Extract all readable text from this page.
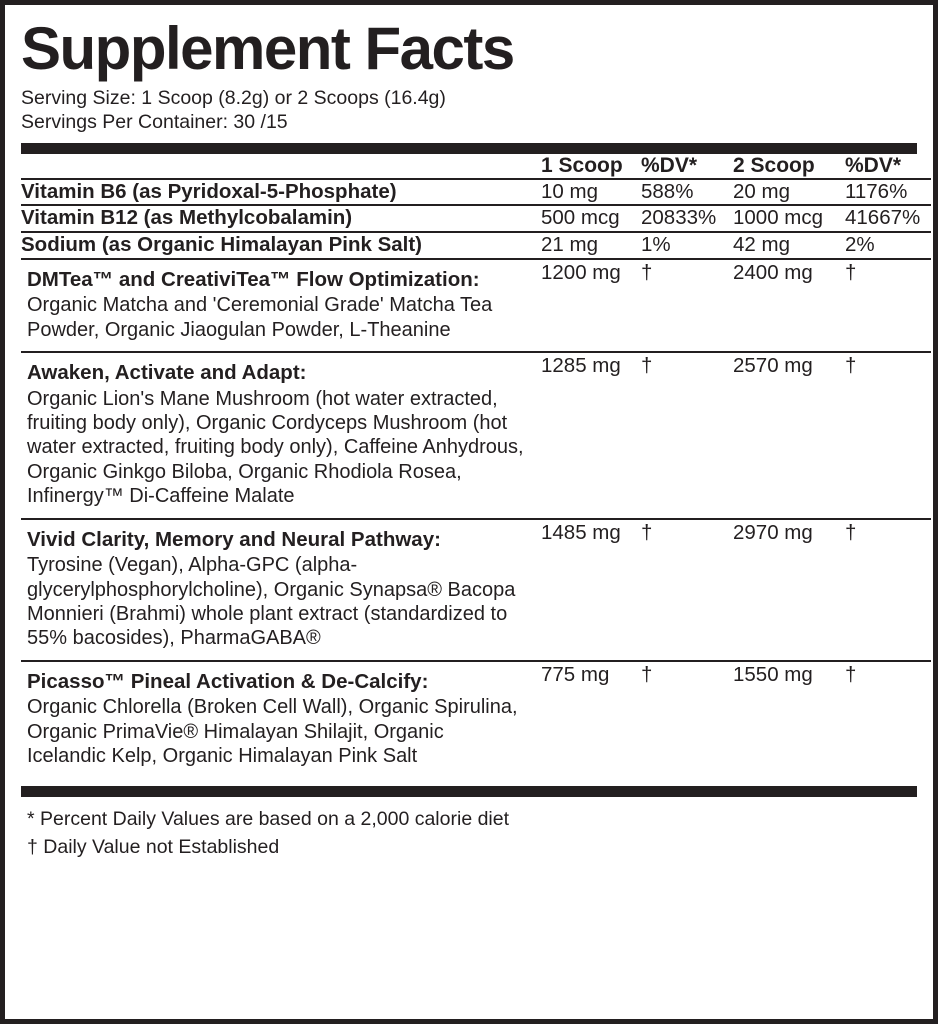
Supplement Facts
Serving Size: 1 Scoop (8.2g) or 2 Scoops (16.4g)
Servings Per Container: 30 /15
	1 Scoop	%DV*	2 Scoop	%DV*

Vitamin B6 (as Pyridoxal-5-Phosphate)	10 mg	588%	20 mg	1176%

Vitamin B12 (as Methylcobalamin)	500 mcg	20833%	1000 mcg	41667%

Sodium (as Organic Himalayan Pink Salt)	21 mg	1%	42 mg	2%

DMTea™ and CreativiTea™ Flow Optimization:
Organic Matcha and 'Ceremonial Grade' Matcha Tea Powder, Organic Jiaogulan Powder, L-Theanine	1200 mg	†	2400 mg	†

Awaken, Activate and Adapt:
Organic Lion's Mane Mushroom (hot water extracted, fruiting body only), Organic Cordyceps Mushroom (hot water extracted, fruiting body only), Caffeine Anhydrous, Organic Ginkgo Biloba, Organic Rhodiola Rosea, Infinergy™ Di-Caffeine Malate	1285 mg	†	2570 mg	†

Vivid Clarity, Memory and Neural Pathway:
Tyrosine (Vegan), Alpha-GPC (alpha-glycerylphosphorylcholine), Organic Synapsa® Bacopa Monnieri (Brahmi) whole plant extract (standardized to 55% bacosides), PharmaGABA®	1485 mg	†	2970 mg	†

Picasso™ Pineal Activation & De-Calcify:
Organic Chlorella (Broken Cell Wall), Organic Spirulina, Organic PrimaVie® Himalayan Shilajit, Organic Icelandic Kelp, Organic Himalayan Pink Salt	775 mg	†	1550 mg	†
* Percent Daily Values are based on a 2,000 calorie diet
† Daily Value not Established
